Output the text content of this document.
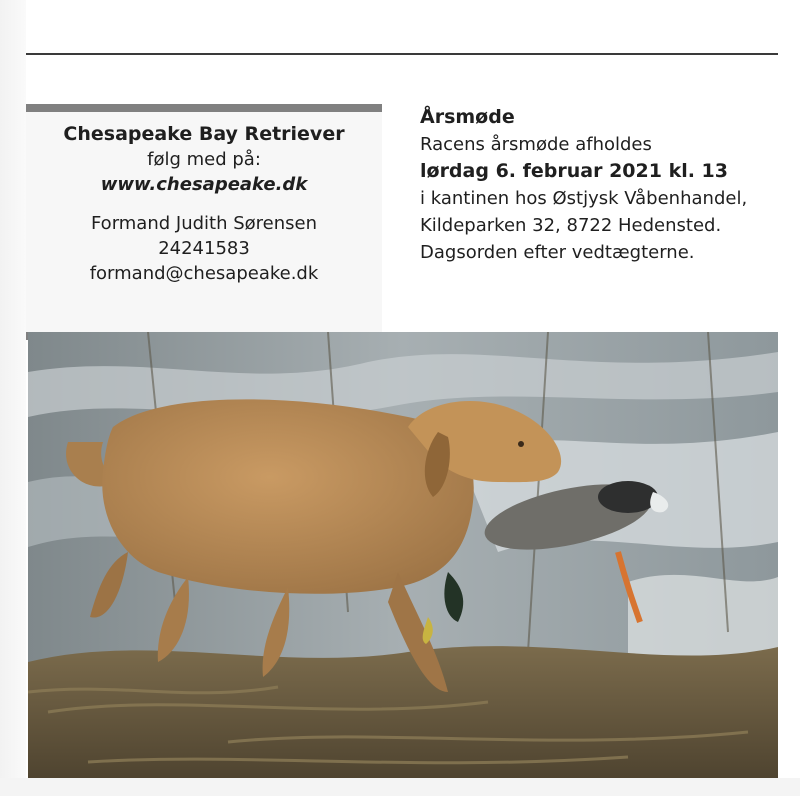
Chesapeake Bay Retriever
følg med på:
www.chesapeake.dk
Formand Judith Sørensen
24241583
formand@chesapeake.dk
Årsmøde
Racens årsmøde afholdes
lørdag 6. februar 2021 kl. 13
i kantinen hos Østjysk Våbenhandel,
Kildeparken 32, 8722 Hedensted.
Dagsorden efter vedtægterne.
